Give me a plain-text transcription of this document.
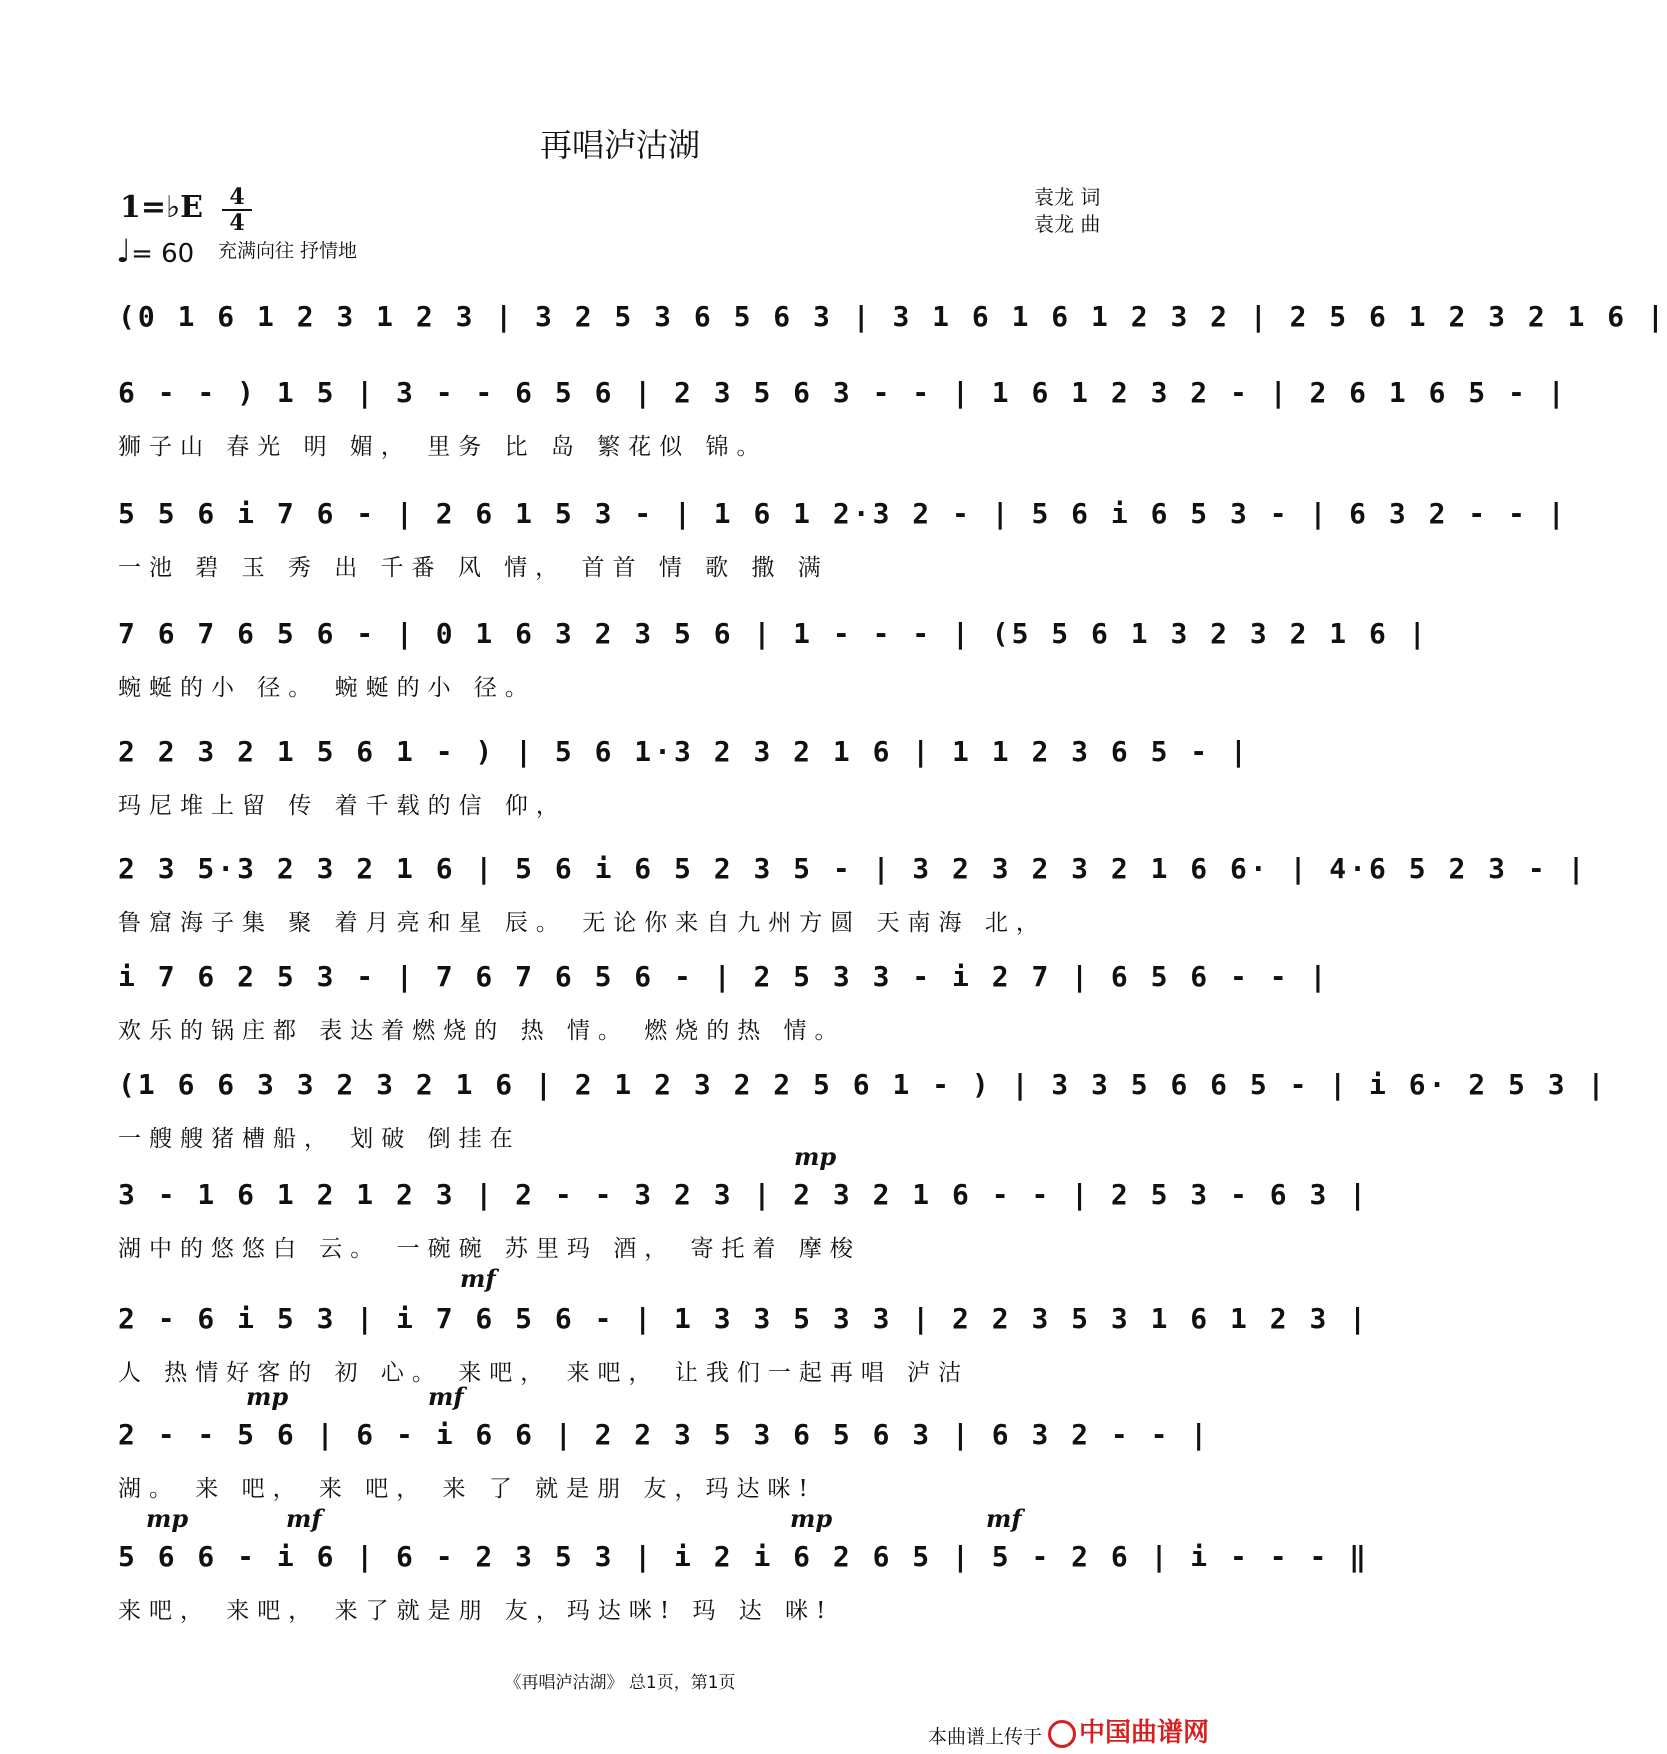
再唱泸沽湖
1=♭E	4
4
♩= 60 充满向往 抒情地
袁龙 词
袁龙 曲
(0 1 6 1 2 3 1 2 3 | 3 2 5 3 6 5 6 3 | 3 1 6 1 6 1 2 3 2 | 2 5 6 1 2 3 2 1 6 |
6 - - ) 1 5 | 3 - - 6 5 6 | 2 3 5 6 3 - - | 1 6 1 2 3 2 - | 2 6 1 6 5 - |
狮子山 春光 明 媚， 里务 比 岛 繁花似 锦。
5 5 6 i 7 6 - | 2 6 1 5 3 - | 1 6 1 2·3 2 - | 5 6 i 6 5 3 - | 6 3 2 - - |
一池 碧 玉 秀 出 千番 风 情， 首首 情 歌 撒 满
7 6 7 6 5 6 - | 0 1 6 3 2 3 5 6 | 1 - - - | (5 5 6 1 3 2 3 2 1 6 |
蜿蜒的小 径。 蜿蜒的小 径。
2 2 3 2 1 5 6 1 - ) | 5 6 1·3 2 3 2 1 6 | 1 1 2 3 6 5 - |
玛尼堆上留 传 着千载的信 仰，
2 3 5·3 2 3 2 1 6 | 5 6 i 6 5 2 3 5 - | 3 2 3 2 3 2 1 6 6· | 4·6 5 2 3 - |
鲁窟海子集 聚 着月亮和星 辰。 无论你来自九州方圆 天南海 北，
i 7 6 2 5 3 - | 7 6 7 6 5 6 - | 2 5 3 3 - i 2 7 | 6 5 6 - - |
欢乐的锅庄都 表达着燃烧的 热 情。 燃烧的热 情。
(1 6 6 3 3 2 3 2 1 6 | 2 1 2 3 2 2 5 6 1 - ) | 3 3 5 6 6 5 - | i 6· 2 5 3 |
一艘艘猪槽船， 划破 倒挂在
3 - 1 6 1 2 1 2 3 | 2 - - 3 2 3 | 2 3 2 1 6 - - | 2 5 3 - 6 3 |
湖中的悠悠白 云。 一碗碗 苏里玛 酒， 寄托着 摩梭
mp
2 - 6 i 5 3 | i 7 6 5 6 - | 1 3 3 5 3 3 | 2 2 3 5 3 1 6 1 2 3 |
人 热情好客的 初 心。 来吧， 来吧， 让我们一起再唱 泸沽
mf
2 - - 5 6 | 6 - i 6 6 | 2 2 3 5 3 6 5 6 3 | 6 3 2 - - |
湖。 来 吧， 来 吧， 来 了 就是朋 友，玛达咪!
mp	mf
5 6 6 - i 6 | 6 - 2 3 5 3 | i 2 i 6 2 6 5 | 5 - 2 6 | i - - - ‖
来吧， 来吧， 来了就是朋 友，玛达咪! 玛 达 咪!
mp	mf	mp	mf
《再唱泸沽湖》 总1页，第1页
本曲谱上传于	中国曲谱网
